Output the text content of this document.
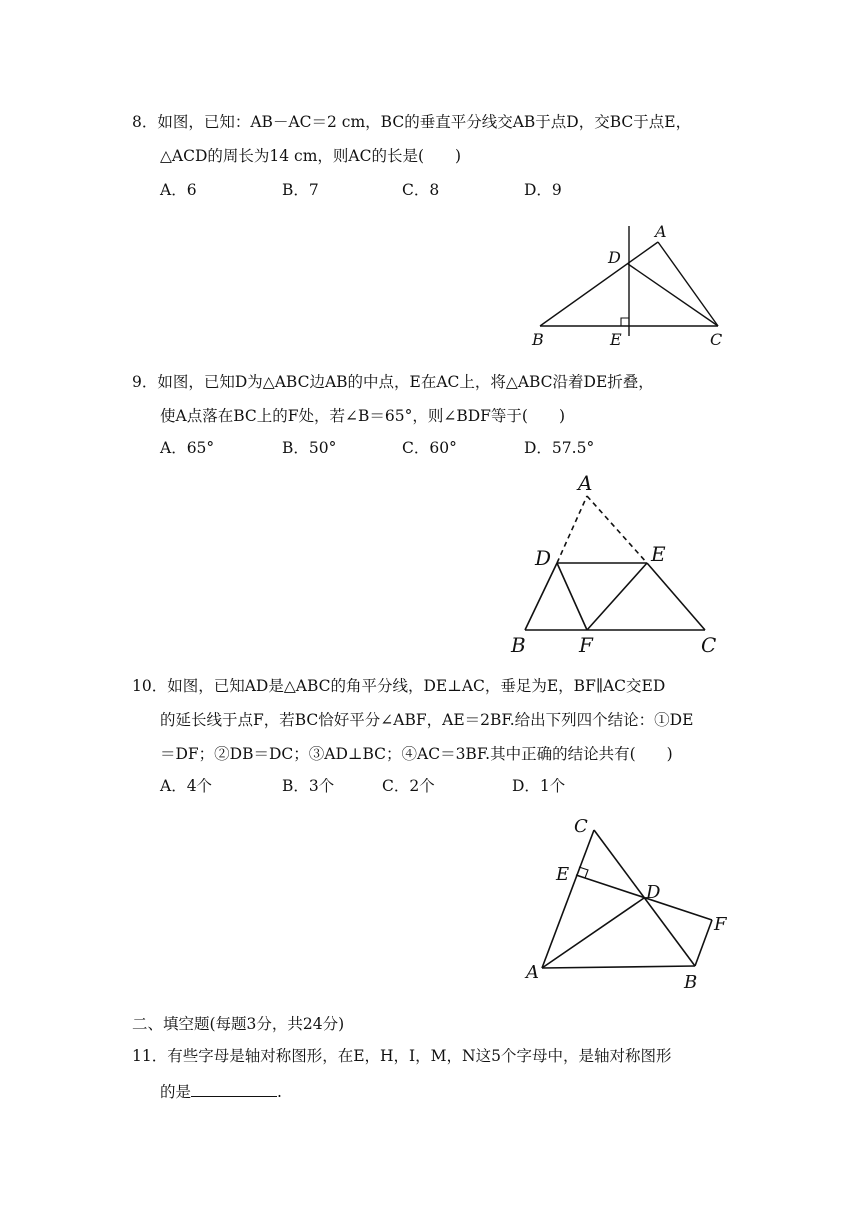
8．如图，已知：AB－AC＝2 cm，BC的垂直平分线交AB于点D，交BC于点E，
△ACD的周长为14 cm，则AC的长是(　　)
A．6	B．7	C．8	D．9
A
D
B	E	C
9．如图，已知D为△ABC边AB的中点，E在AC上，将△ABC沿着DE折叠，
使A点落在BC上的F处，若∠B＝65°，则∠BDF等于(　　)
A．65°	B．50°	C．60°	D．57.5°
A
D	E
B	F	C
10．如图，已知AD是△ABC的角平分线，DE⊥AC，垂足为E，BF∥AC交ED
的延长线于点F，若BC恰好平分∠ABF，AE＝2BF.给出下列四个结论：①DE
＝DF；②DB＝DC；③AD⊥BC；④AC＝3BF.其中正确的结论共有(　　)
A．4个	B．3个	C．2个	D．1个
C
E
D
F
A	B
二、填空题(每题3分，共24分)
11．有些字母是轴对称图形，在E，H，I，M，N这5个字母中，是轴对称图形
的是	.
